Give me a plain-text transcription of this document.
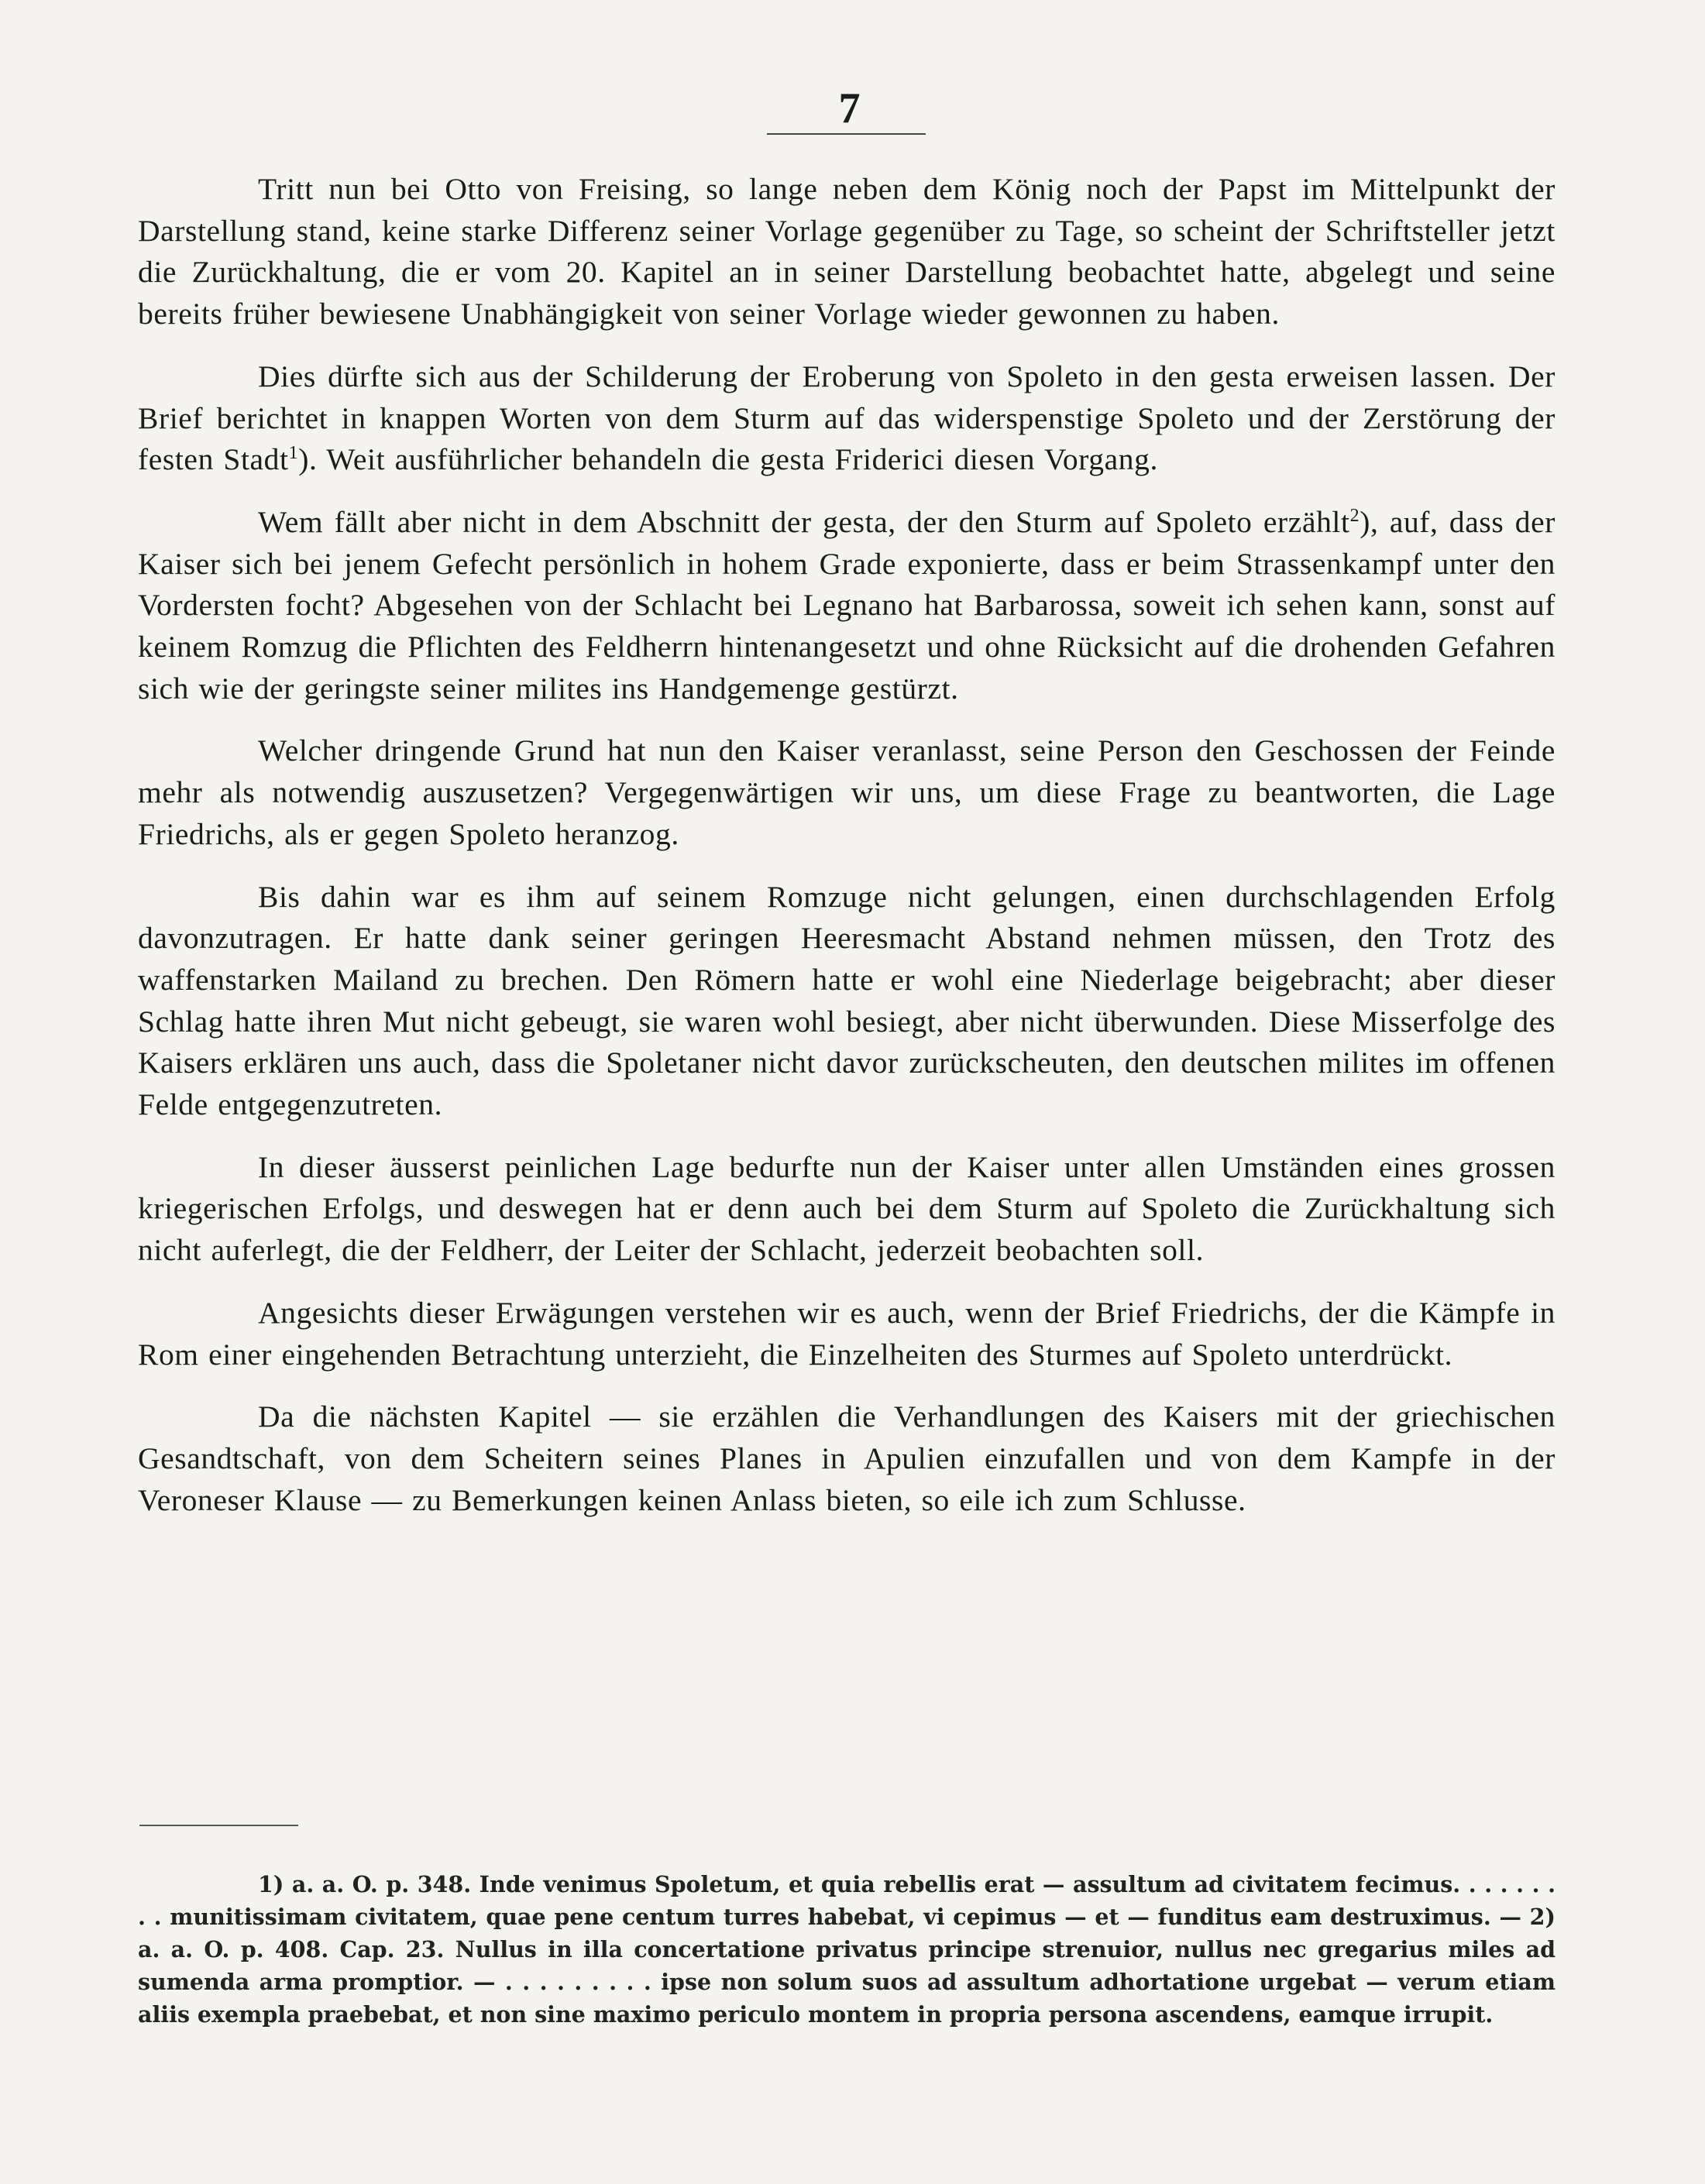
7

Tritt nun bei Otto von Freising, so lange neben dem König noch der Papst im Mittelpunkt der Darstellung stand, keine starke Differenz seiner Vorlage gegenüber zu Tage, so scheint der Schriftsteller jetzt die Zurückhaltung, die er vom 20. Kapitel an in seiner Darstellung beobachtet hatte, abgelegt und seine bereits früher bewiesene Unabhängigkeit von seiner Vorlage wieder gewonnen zu haben.

Dies dürfte sich aus der Schilderung der Eroberung von Spoleto in den gesta erweisen lassen. Der Brief berichtet in knappen Worten von dem Sturm auf das widerspenstige Spoleto und der Zerstörung der festen Stadt$^1$). Weit ausführlicher behandeln die gesta Friderici diesen Vorgang.

Wem fällt aber nicht in dem Abschnitt der gesta, der den Sturm auf Spoleto erzählt$^2$), auf, dass der Kaiser sich bei jenem Gefecht persönlich in hohem Grade exponierte, dass er beim Strassenkampf unter den Vordersten focht? Abgesehen von der Schlacht bei Legnano hat Barbarossa, soweit ich sehen kann, sonst auf keinem Romzug die Pflichten des Feldherrn hintenangesetzt und ohne Rücksicht auf die drohenden Gefahren sich wie der geringste seiner milites ins Handgemenge gestürzt.

Welcher dringende Grund hat nun den Kaiser veranlasst, seine Person den Geschossen der Feinde mehr als notwendig auszusetzen? Vergegenwärtigen wir uns, um diese Frage zu beantworten, die Lage Friedrichs, als er gegen Spoleto heranzog.

Bis dahin war es ihm auf seinem Romzuge nicht gelungen, einen durchschlagenden Erfolg davonzutragen. Er hatte dank seiner geringen Heeresmacht Abstand nehmen müssen, den Trotz des waffenstarken Mailand zu brechen. Den Römern hatte er wohl eine Niederlage beigebracht; aber dieser Schlag hatte ihren Mut nicht gebeugt, sie waren wohl besiegt, aber nicht überwunden. Diese Misserfolge des Kaisers erklären uns auch, dass die Spoletaner nicht davor zurückscheuten, den deutschen milites im offenen Felde entgegenzutreten.

In dieser äusserst peinlichen Lage bedurfte nun der Kaiser unter allen Umständen eines grossen kriegerischen Erfolgs, und deswegen hat er denn auch bei dem Sturm auf Spoleto die Zurückhaltung sich nicht auferlegt, die der Feldherr, der Leiter der Schlacht, jederzeit beobachten soll.

Angesichts dieser Erwägungen verstehen wir es auch, wenn der Brief Friedrichs, der die Kämpfe in Rom einer eingehenden Betrachtung unterzieht, die Einzelheiten des Sturmes auf Spoleto unterdrückt.

Da die nächsten Kapitel — sie erzählen die Verhandlungen des Kaisers mit der griechischen Gesandtschaft, von dem Scheitern seines Planes in Apulien einzufallen und von dem Kampfe in der Veroneser Klause — zu Bemerkungen keinen Anlass bieten, so eile ich zum Schlusse.

1) a. a. O. p. 348. Inde venimus Spoletum, et quia rebellis erat — assultum ad civitatem fecimus. . . . . . . . . munitissimam civitatem, quae pene centum turres habebat, vi cepimus — et — funditus eam destruximus. — 2) a. a. O. p. 408. Cap. 23. Nullus in illa concertatione privatus principe strenuior, nullus nec gregarius miles ad sumenda arma promptior. — . . . . . . . . . ipse non solum suos ad assultum adhortatione urgebat — verum etiam aliis exempla praebebat, et non sine maximo periculo montem in propria persona ascendens, eamque irrupit.
